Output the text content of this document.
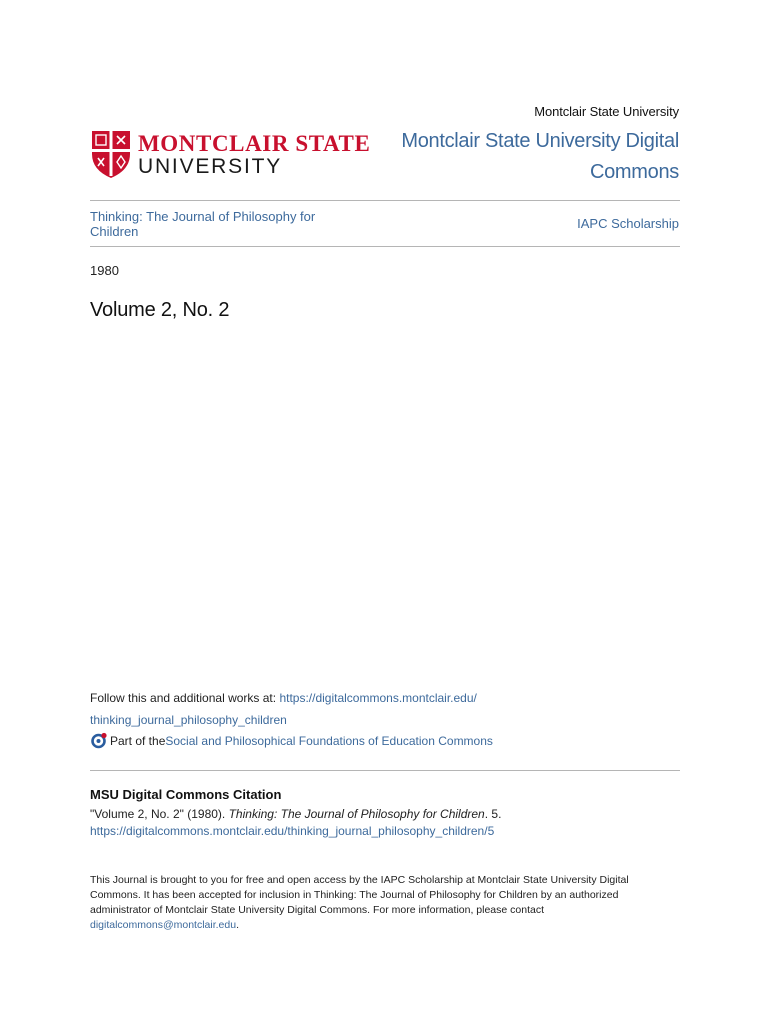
Montclair State University
Montclair State University Digital Commons
MONTCLAIR STATE
UNIVERSITY
Thinking: The Journal of Philosophy for Children
IAPC Scholarship
1980
Volume 2, No. 2
Follow this and additional works at: https://digitalcommons.montclair.edu/
thinking_journal_philosophy_children
Part of the Social and Philosophical Foundations of Education Commons
MSU Digital Commons Citation
"Volume 2, No. 2" (1980). Thinking: The Journal of Philosophy for Children. 5.
https://digitalcommons.montclair.edu/thinking_journal_philosophy_children/5
This Journal is brought to you for free and open access by the IAPC Scholarship at Montclair State University Digital Commons. It has been accepted for inclusion in Thinking: The Journal of Philosophy for Children by an authorized administrator of Montclair State University Digital Commons. For more information, please contact digitalcommons@montclair.edu.
